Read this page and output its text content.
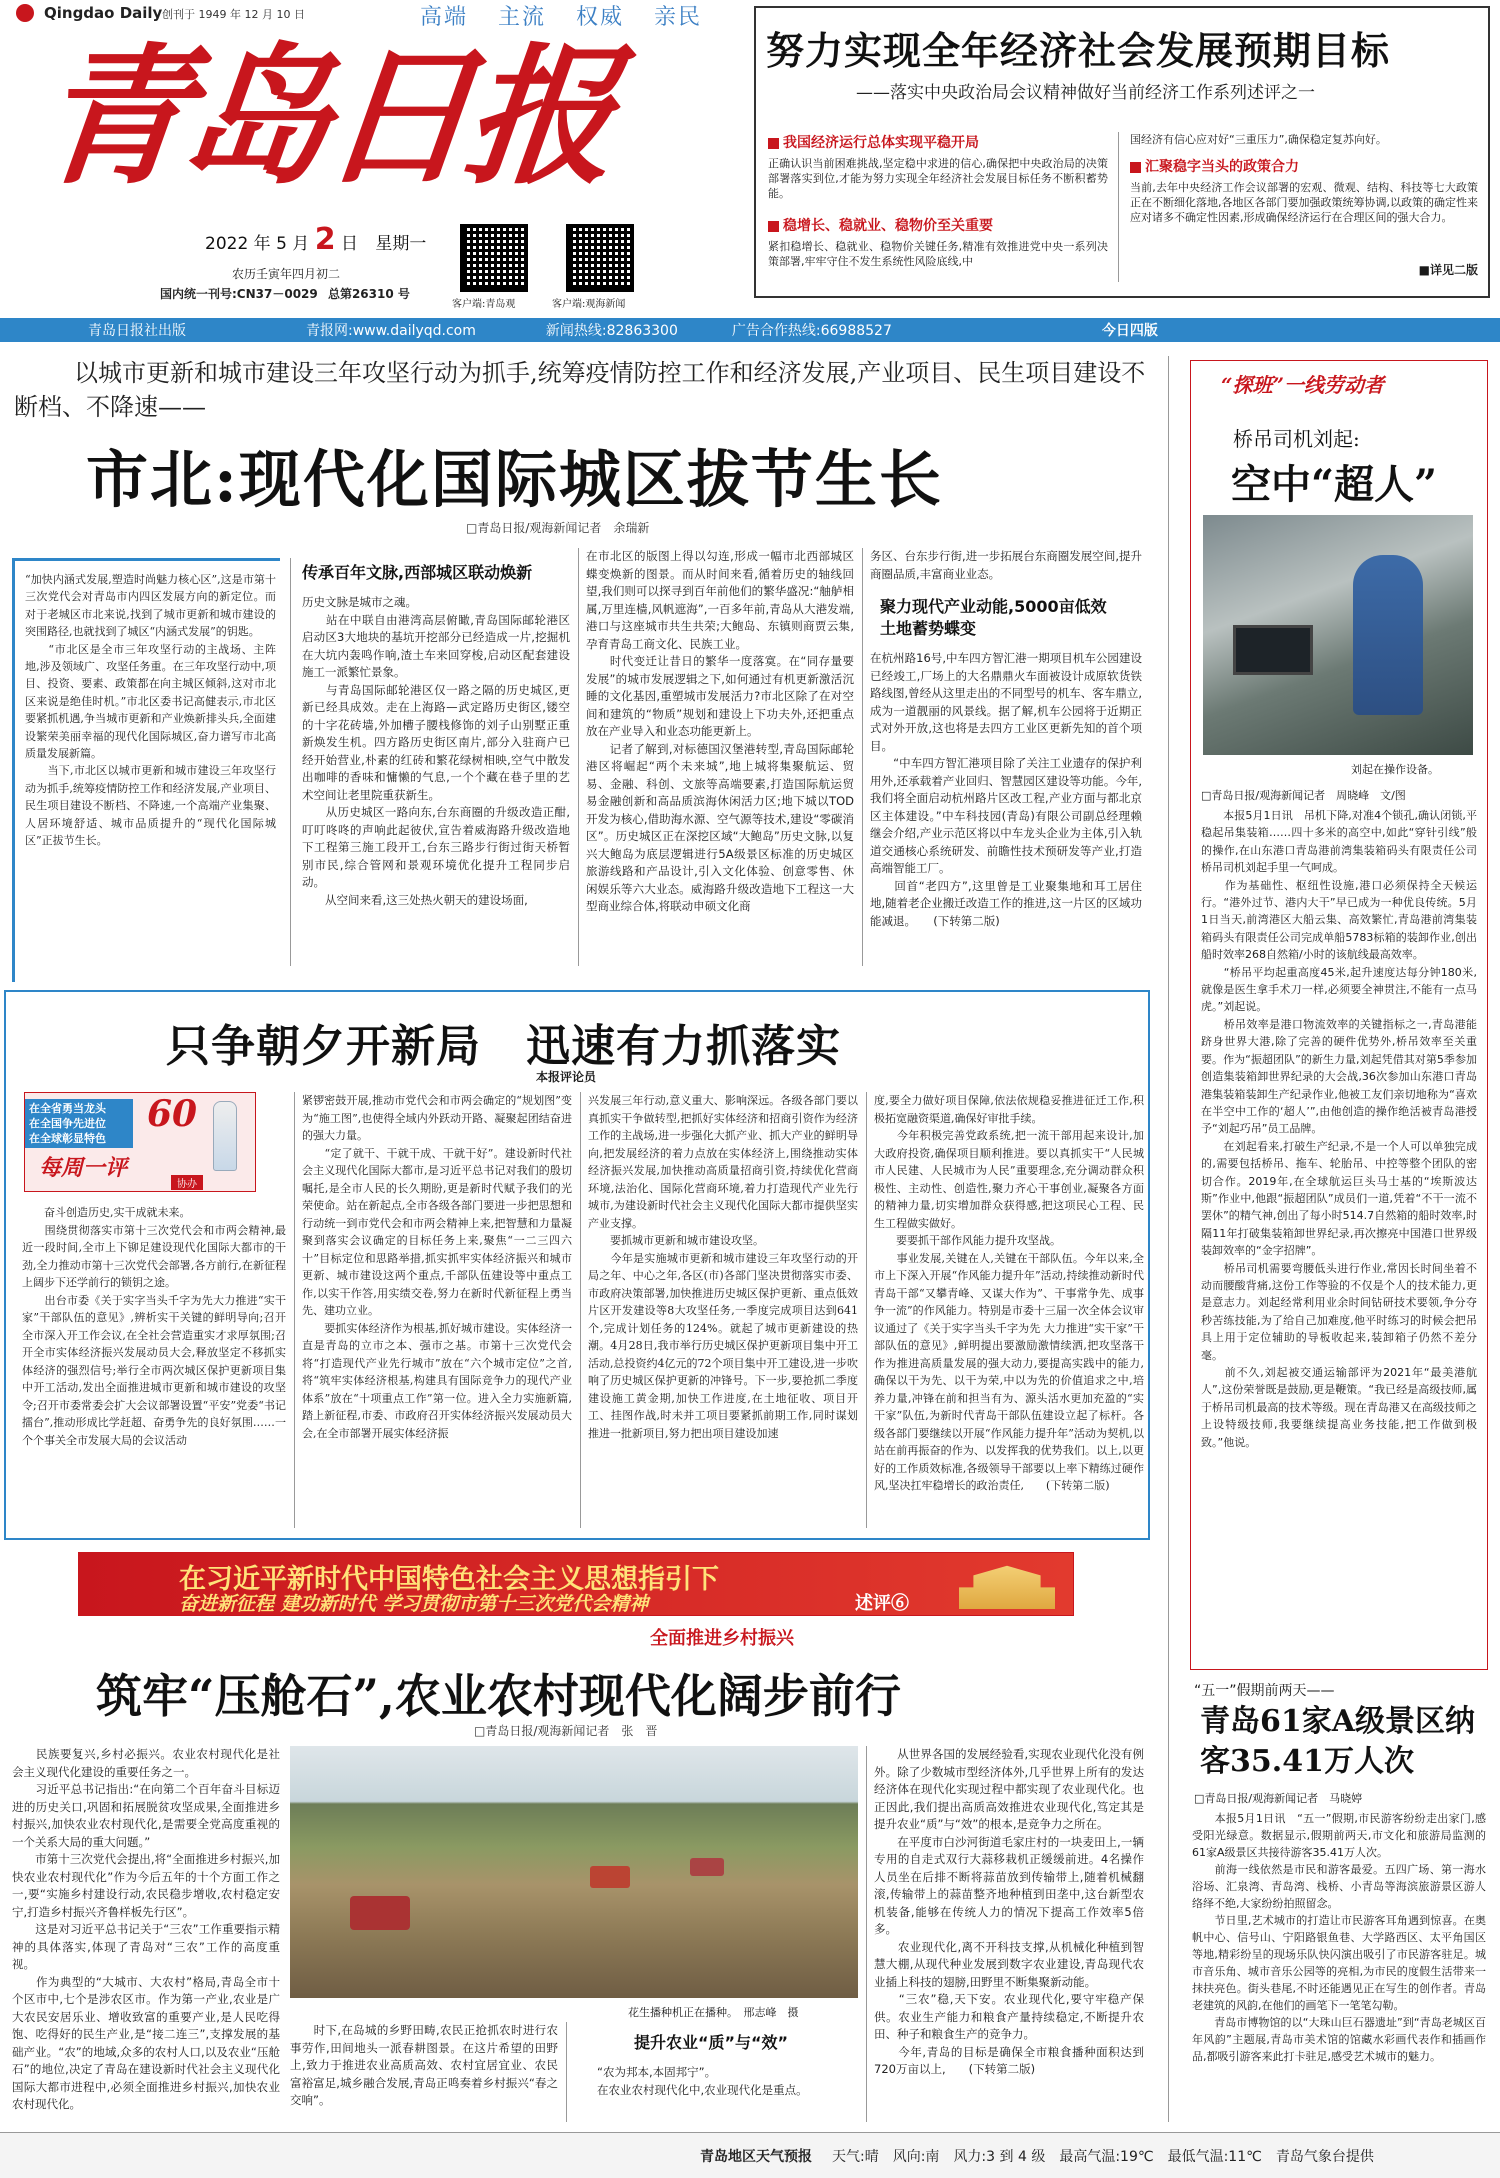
Qingdao Daily 创刊于 1949 年 12 月 10 日	高端 主流 权威 亲民
青岛日报
2022 年 5 月 2 日 星期一
农历壬寅年四月初二
国内统一刊号:CN37－0029 总第26310 号
客户端:青岛观	客户端:观海新闻
努力实现全年经济社会发展预期目标
——落实中央政治局会议精神做好当前经济工作系列述评之一
我国经济运行总体实现平稳开局
正确认识当前困难挑战,坚定稳中求进的信心,确保把中央政治局的决策部署落实到位,才能为努力实现全年经济社会发展目标任务不断积蓄势能。
稳增长、稳就业、稳物价至关重要
紧扣稳增长、稳就业、稳物价关键任务,精准有效推进党中央一系列决策部署,牢牢守住不发生系统性风险底线,中
国经济有信心应对好“三重压力”,确保稳定复苏向好。
汇聚稳字当头的政策合力
当前,去年中央经济工作会议部署的宏观、微观、结构、科技等七大政策正在不断细化落地,各地区各部门要加强政策统筹协调,以政策的确定性来应对诸多不确定性因素,形成确保经济运行在合理区间的强大合力。
■详见二版
青岛日报社出版	青报网:www.dailyqd.com	新闻热线:82863300	广告合作热线:66988527	今日四版
以城市更新和城市建设三年攻坚行动为抓手,统筹疫情防控工作和经济发展,产业项目、民生项目建设不断档、不降速——
市北:现代化国际城区拔节生长
□青岛日报/观海新闻记者　余瑞新
“加快内涵式发展,塑造时尚魅力核心区”,这是市第十三次党代会对青岛市内四区发展方向的新定位。而对于老城区市北来说,找到了城市更新和城市建设的突围路径,也就找到了城区“内涵式发展”的钥匙。
　　“市北区是全市三年攻坚行动的主战场、主阵地,涉及领域广、攻坚任务重。在三年攻坚行动中,项目、投资、要素、政策都在向主城区倾斜,这对市北区来说是绝佳时机。”市北区委书记高健表示,市北区要紧抓机遇,争当城市更新和产业焕新排头兵,全面建设繁荣美丽幸福的现代化国际城区,奋力谱写市北高质量发展新篇。
　　当下,市北区以城市更新和城市建设三年攻坚行动为抓手,统筹疫情防控工作和经济发展,产业项目、民生项目建设不断档、不降速,一个高端产业集聚、人居环境舒适、城市品质提升的“现代化国际城区”正拔节生长。
传承百年文脉,西部城区联动焕新
历史文脉是城市之魂。
　　站在中联自由港湾高层俯瞰,青岛国际邮轮港区启动区3大地块的基坑开挖部分已经造成一片,挖掘机在大坑内轰鸣作响,渣土车来回穿梭,启动区配套建设施工一派繁忙景象。
　　与青岛国际邮轮港区仅一路之隔的历史城区,更新已经具成效。走在上海路—武定路历史街区,镂空的十字花砖墙,外加槽子腰栈修饰的刘子山别墅正重新焕发生机。四方路历史街区南片,部分入驻商户已经开始营业,朴素的红砖和繁花绿树相映,空气中散发出咖啡的香味和慵懒的气息,一个个藏在巷子里的艺术空间让老里院重获新生。
　　从历史城区一路向东,台东商圈的升级改造正酣,叮叮咚咚的声响此起彼伏,宣告着威海路升级改造地下工程第三施工段开工,台东三路步行街过街天桥暂别市民,综合管网和景观环境优化提升工程同步启动。
　　从空间来看,这三处热火朝天的建设场面,
在市北区的版图上得以勾连,形成一幅市北西部城区蝶变焕新的图景。而从时间来看,循着历史的轴线回望,我们则可以探寻到百年前他们的繁华盛况:“舳舻相属,万里连樯,风帆遮海”,一百多年前,青岛从大港发端,港口与这座城市共生共荣;大鲍岛、东镇则商贾云集,孕育青岛工商文化、民族工业。
　　时代变迁让昔日的繁华一度落寞。在“同存量要发展”的城市发展逻辑之下,如何通过有机更新激活沉睡的文化基因,重塑城市发展活力?市北区除了在对空间和建筑的“物质”规划和建设上下功夫外,还把重点放在产业导入和业态功能更新上。
　　记者了解到,对标德国汉堡港转型,青岛国际邮轮港区将崛起“两个未来城”,地上城将集聚航运、贸易、金融、科创、文旅等高端要素,打造国际航运贸易金融创新和高品质滨海休闲活力区;地下城以TOD开发为核心,借助海水源、空气源等技术,建设“零碳消区”。历史城区正在深挖区域“大鲍岛”历史文脉,以复兴大鲍岛为底层逻辑进行5A级景区标准的历史城区旅游线路和产品设计,引入文化体验、创意零售、休闲娱乐等六大业态。威海路升级改造地下工程这一大型商业综合体,将联动申硕文化商
务区、台东步行街,进一步拓展台东商圈发展空间,提升商圈品质,丰富商业业态。
聚力现代产业动能,5000亩低效土地蓄势蝶变
在杭州路16号,中车四方智汇港一期项目机车公园建设已经竣工,厂场上的大名鼎鼎火车面被设计成原软货铁路线图,曾经从这里走出的不同型号的机车、客车鼎立,成为一道靓丽的风景线。据了解,机车公园将于近期正式对外开放,这也将是去四方工业区更新先知的首个项目。
　　“中车四方智汇港项目除了关注工业遗存的保护利用外,还承载着产业回归、智慧园区建设等功能。今年,我们将全面启动杭州路片区改工程,产业方面与都北京区主体建设。”中车科技园(青岛)有限公司副总经理赖继会介绍,产业示范区将以中车龙头企业为主体,引入轨道交通核心系统研发、前瞻性技术预研发等产业,打造高端智能工厂。
　　回首“老四方”,这里曾是工业聚集地和耳工居住地,随着老企业搬迁改造工作的推进,这一片区的区域功能减退。　　(下转第二版)
只争朝夕开新局　迅速有力抓落实
本报评论员
在全省勇当龙头
在全国争先进位
在全球彰显特色
60
每周一评
协办
　　奋斗创造历史,实干成就未来。
　　围绕贯彻落实市第十三次党代会和市两会精神,最近一段时间,全市上下铆足建设现代化国际大都市的干劲,全力推动市第十三次党代会部署,各方前行,在新征程上阔步下还学前行的锁钥之途。
　　出台市委《关于实字当头千字为先大力推进“实干家”干部队伍的意见》,辨析实干关键的鲜明导向;召开全市深入开工作会议,在全社会营造重实才求厚氛围;召开全市实体经济振兴发展动员大会,释放坚定不移抓实体经济的强烈信号;举行全市两次城区保护更新项目集中开工活动,发出全面推进城市更新和城市建设的攻坚令;召开市委常委会扩大会议部署设置“平安”党委“书记擂台”,推动形成比学赶超、奋勇争先的良好氛围……一个个事关全市发展大局的会议活动
紧锣密鼓开展,推动市党代会和市两会确定的“规划图”变为“施工图”,也使得全域内外跃动开路、凝聚起团结奋进的强大力量。
　　“定了就干、干就干成、干就干好”。建设新时代社会主义现代化国际大都市,是习近平总书记对我们的殷切嘱托,是全市人民的长久期盼,更是新时代赋予我们的光荣使命。站在新起点,全市各级各部门要进一步把思想和行动统一到市党代会和市两会精神上来,把智慧和力量凝聚到落实会议确定的目标任务上来,聚焦“一二三四六十”目标定位和思路举措,抓实抓牢实体经济振兴和城市更新、城市建设这两个重点,千部队伍建设等中重点工作,以实干作答,用实绩交卷,努力在新时代新征程上勇当先、建功立业。
　　要抓实体经济作为根基,抓好城市建设。实体经济一直是青岛的立市之本、强市之基。市第十三次党代会将“打造现代产业先行城市”放在“六个城市定位”之首,将“筑牢实体经济根基,构建具有国际竞争力的现代产业体系”放在“十项重点工作”第一位。进入全力实施新篇,踏上新征程,市委、市政府召开实体经济振兴发展动员大会,在全市部署开展实体经济振
兴发展三年行动,意义重大、影响深远。各级各部门要以真抓实干争做转型,把抓好实体经济和招商引资作为经济工作的主战场,进一步强化大抓产业、抓大产业的鲜明导向,把发展经济的着力点放在实体经济上,围绕推动实体经济振兴发展,加快推动高质量招商引资,持续优化营商环境,法治化、国际化营商环境,着力打造现代产业先行城市,为建设新时代社会主义现代化国际大都市提供坚实产业支撑。
　　要抓城市更新和城市建设攻坚。
　　今年是实施城市更新和城市建设三年攻坚行动的开局之年、中心之年,各区(市)各部门坚决贯彻落实市委、市政府决策部署,加快推进历史城区保护更新、重点低效片区开发建设等8大攻坚任务,一季度完成项目达到641个,完成计划任务的124%。就起了城市更新建设的热潮。4月28日,我市举行历史城区保护更新项目集中开工活动,总投资约4亿元的72个项目集中开工建设,进一步吹响了历史城区保护更新的冲锋号。下一步,要抢抓二季度建设施工黄金期,加快工作进度,在土地征收、项目开工、挂图作战,时未并工项目要紧抓前期工作,同时谋划推进一批新项目,努力把出项目建设加速
度,要全力做好项目保障,依法依规稳妥推进征迁工作,积极拓宽融资渠道,确保好审批手续。
　　今年积极完善党政系统,把一流干部用起来设计,加大政府投资,确保项目顺利推进。要以真抓实干“人民城市人民建、人民城市为人民”重要理念,充分调动群众积极性、主动性、创造性,聚力齐心干事创业,凝聚各方面的精神力量,切实增加群众获得感,把这项民心工程、民生工程做实做好。
　　要要抓干部作风能力提升攻坚战。
　　事业发展,关键在人,关键在干部队伍。今年以来,全市上下深入开展“作风能力提升年”活动,持续推动新时代青岛干部“又攀青峰、又谋大作为”、干事常争先、成事争一流”的作风能力。特别是市委十三届一次全体会议审议通过了《关于实字当头千字为先 大力推进“实干家”干部队伍的意见》,鲜明提出要激励激情续洒,把攻坚落干作为推进高质量发展的强大动力,要提高实践中的能力,确保以干为先、以干为荣,中以为先的价值追求之中,培养力量,冲锋在前和担当有为、源头活水更加充盈的“实干家”队伍,为新时代青岛干部队伍建设立起了标杆。各级各部门要继续以开展“作风能力提升年”活动为契机,以站在前再振奋的作为、以发挥我的优势我们。以上,以更好的工作质效标准,各级领导干部要以上率下精练过硬作风,坚决扛牢稳增长的政治责任,　　(下转第二版)
在习近平新时代中国特色社会主义思想指引下
奋进新征程 建功新时代 学习贯彻市第十三次党代会精神	述评⑥
全面推进乡村振兴
筑牢“压舱石”,农业农村现代化阔步前行
□青岛日报/观海新闻记者　张　晋
　　民族要复兴,乡村必振兴。农业农村现代化是社会主义现代化建设的重要任务之一。
　　习近平总书记指出:“在向第二个百年奋斗目标迈进的历史关口,巩固和拓展脱贫攻坚成果,全面推进乡村振兴,加快农业农村现代化,是需要全党高度重视的一个关系大局的重大问题。”
　　市第十三次党代会提出,将“全面推进乡村振兴,加快农业农村现代化”作为今后五年的十个方面工作之一,要“实施乡村建设行动,农民稳步增收,农村稳定安宁,打造乡村振兴齐鲁样板先行区”。
　　这是对习近平总书记关于“三农”工作重要指示精神的具体落实,体现了青岛对“三农”工作的高度重视。
　　作为典型的“大城市、大农村”格局,青岛全市十个区市中,七个是涉农区市。作为第一产业,农业是广大农民安居乐业、增收致富的重要产业,是人民吃得饱、吃得好的民生产业,是“接二连三”,支撑发展的基础产业。“农”的地域,众多的农村人口,以及农业“压舱石”的地位,决定了青岛在建设新时代社会主义现代化国际大都市进程中,必须全面推进乡村振兴,加快农业农村现代化。
花生播种机正在播种。　邢志峰　摄
　　时下,在岛城的乡野田畴,农民正抢抓农时进行农事劳作,田间地头一派春耕图景。在这片希望的田野上,致力于推进农业高质高效、农村宜居宜业、农民富裕富足,城乡融合发展,青岛正鸣奏着乡村振兴“春之交响”。
提升农业“质”与“效”
　　“农为邦本,本固邦宁”。
　　在农业农村现代化中,农业现代化是重点。
　　从世界各国的发展经验看,实现农业现代化没有例外。除了少数城市型经济体外,几乎世界上所有的发达经济体在现代化实现过程中都实现了农业现代化。也正因此,我们提出高质高效推进农业现代化,笃定其是提升农业“质”与“效”的根本,是竞争力之所在。
　　在平度市白沙河街道毛家庄村的一块麦田上,一辆专用的自走式双行大蒜移栽机正缓缓前进。4名操作人员坐在后排不断将蒜苗放到传输带上,随着机械翻滚,传输带上的蒜苗整齐地种植到田垄中,这台新型农机装备,能够在传统人力的情况下提高工作效率5倍多。
　　农业现代化,离不开科技支撑,从机械化种植到智慧大棚,从现代种业发展到数字农业建设,青岛现代农业插上科技的翅膀,田野里不断集聚新动能。
　　“三农”稳,天下安。农业现代化,要守牢稳产保供。农业生产能力和粮食产量持续稳定,不断提升农田、种子和粮食生产的竞争力。
　　今年,青岛的目标是确保全市粮食播种面积达到720万亩以上,　　(下转第二版)
“探班”一线劳动者
桥吊司机刘起:
空中“超人”
刘起在操作设备。
□青岛日报/观海新闻记者　周晓峰　文/图
　　本报5月1日讯　吊机下降,对准4个锁孔,确认闭锁,平稳起吊集装箱……四十多米的高空中,如此“穿针引线”般的操作,在山东港口青岛港前湾集装箱码头有限责任公司桥吊司机刘起手里一气呵成。
　　作为基础性、枢纽性设施,港口必须保持全天候运行。“港外过节、港内大干”早已成为一种优良传统。5月1日当天,前湾港区大船云集、高效繁忙,青岛港前湾集装箱码头有限责任公司完成单船5783标箱的装卸作业,创出船时效率268自然箱/小时的该航线最高效率。
　　“桥吊平均起重高度45米,起升速度达每分钟180米,就像是医生拿手术刀一样,必须要全神贯注,不能有一点马虎。”刘起说。
　　桥吊效率是港口物流效率的关键指标之一,青岛港能跻身世界大港,除了完善的硬件优势外,桥吊效率至关重要。作为“振超团队”的新生力量,刘起凭借其对第5季参加创造集装箱卸世界纪录的大会战,36次参加山东港口青岛港集装箱装卸生产纪录作业,他被工友们亲切地称为“喜欢在半空中工作的‘超人’”,由他创造的操作绝活被青岛港授予“刘起巧吊”员工品牌。
　　在刘起看来,打破生产纪录,不是一个人可以单独完成的,需要包括桥吊、拖车、轮胎吊、中控等整个团队的密切合作。2019年,在全球航运巨头马士基的“埃斯波达斯”作业中,他跟“振超团队”成员们一道,凭着“不干一流不罢休”的精气神,创出了每小时514.7自然箱的船时效率,时隔11年打破集装箱卸世界纪录,再次擦亮中国港口世界级装卸效率的“金字招牌”。
　　桥吊司机需要弯腰低头进行作业,常因长时间坐着不动而腰酸背痛,这份工作等验的不仅是个人的技术能力,更是意志力。刘起经常利用业余时间钻研技术要领,争分夺秒苦练技能,为了给自己加难度,他平时练习的时候会把吊具上用于定位辅助的导板收起来,装卸箱子仍然不差分毫。
　　前不久,刘起被交通运输部评为2021年“最美港航人”,这份荣誉既是鼓励,更是鞭策。“我已经是高级技师,属于桥吊司机最高的技术等级。现在青岛港又在高级技师之上设特级技师,我要继续提高业务技能,把工作做到极致。”他说。
“五一”假期前两天——
青岛61家A级景区纳客35.41万人次
□青岛日报/观海新闻记者　马晓婷
　　本报5月1日讯　“五一”假期,市民游客纷纷走出家门,感受阳光绿意。数据显示,假期前两天,市文化和旅游局监测的61家A级景区共接待游客35.41万人次。
　　前海一线依然是市民和游客最爱。五四广场、第一海水浴场、汇泉湾、青岛湾、栈桥、小青岛等海滨旅游景区游人络绎不绝,大家纷纷拍照留念。
　　节日里,艺术城市的打造让市民游客耳角遇到惊喜。在奥帆中心、信号山、宁阳路银鱼巷、大学路西区、太平角国区等地,精彩纷呈的现场乐队快闪演出吸引了市民游客驻足。城市音乐角、城市音乐公园等的亮相,为市民的度假生活带来一抹扶亮色。街头巷尾,不时还能遇见正在写生的创作者。青岛老建筑的风韵,在他们的画笔下一笔笔勾勒。
　　青岛市博物馆的以“大珠山巨石器遗址”到“青岛老城区百年风韵”主题展,青岛市美术馆的馆藏水彩画代表作和插画作品,都吸引游客来此打卡驻足,感受艺术城市的魅力。
青岛地区天气预报 天气:晴 风向:南 风力:3 到 4 级 最高气温:19℃ 最低气温:11℃ 青岛气象台提供
